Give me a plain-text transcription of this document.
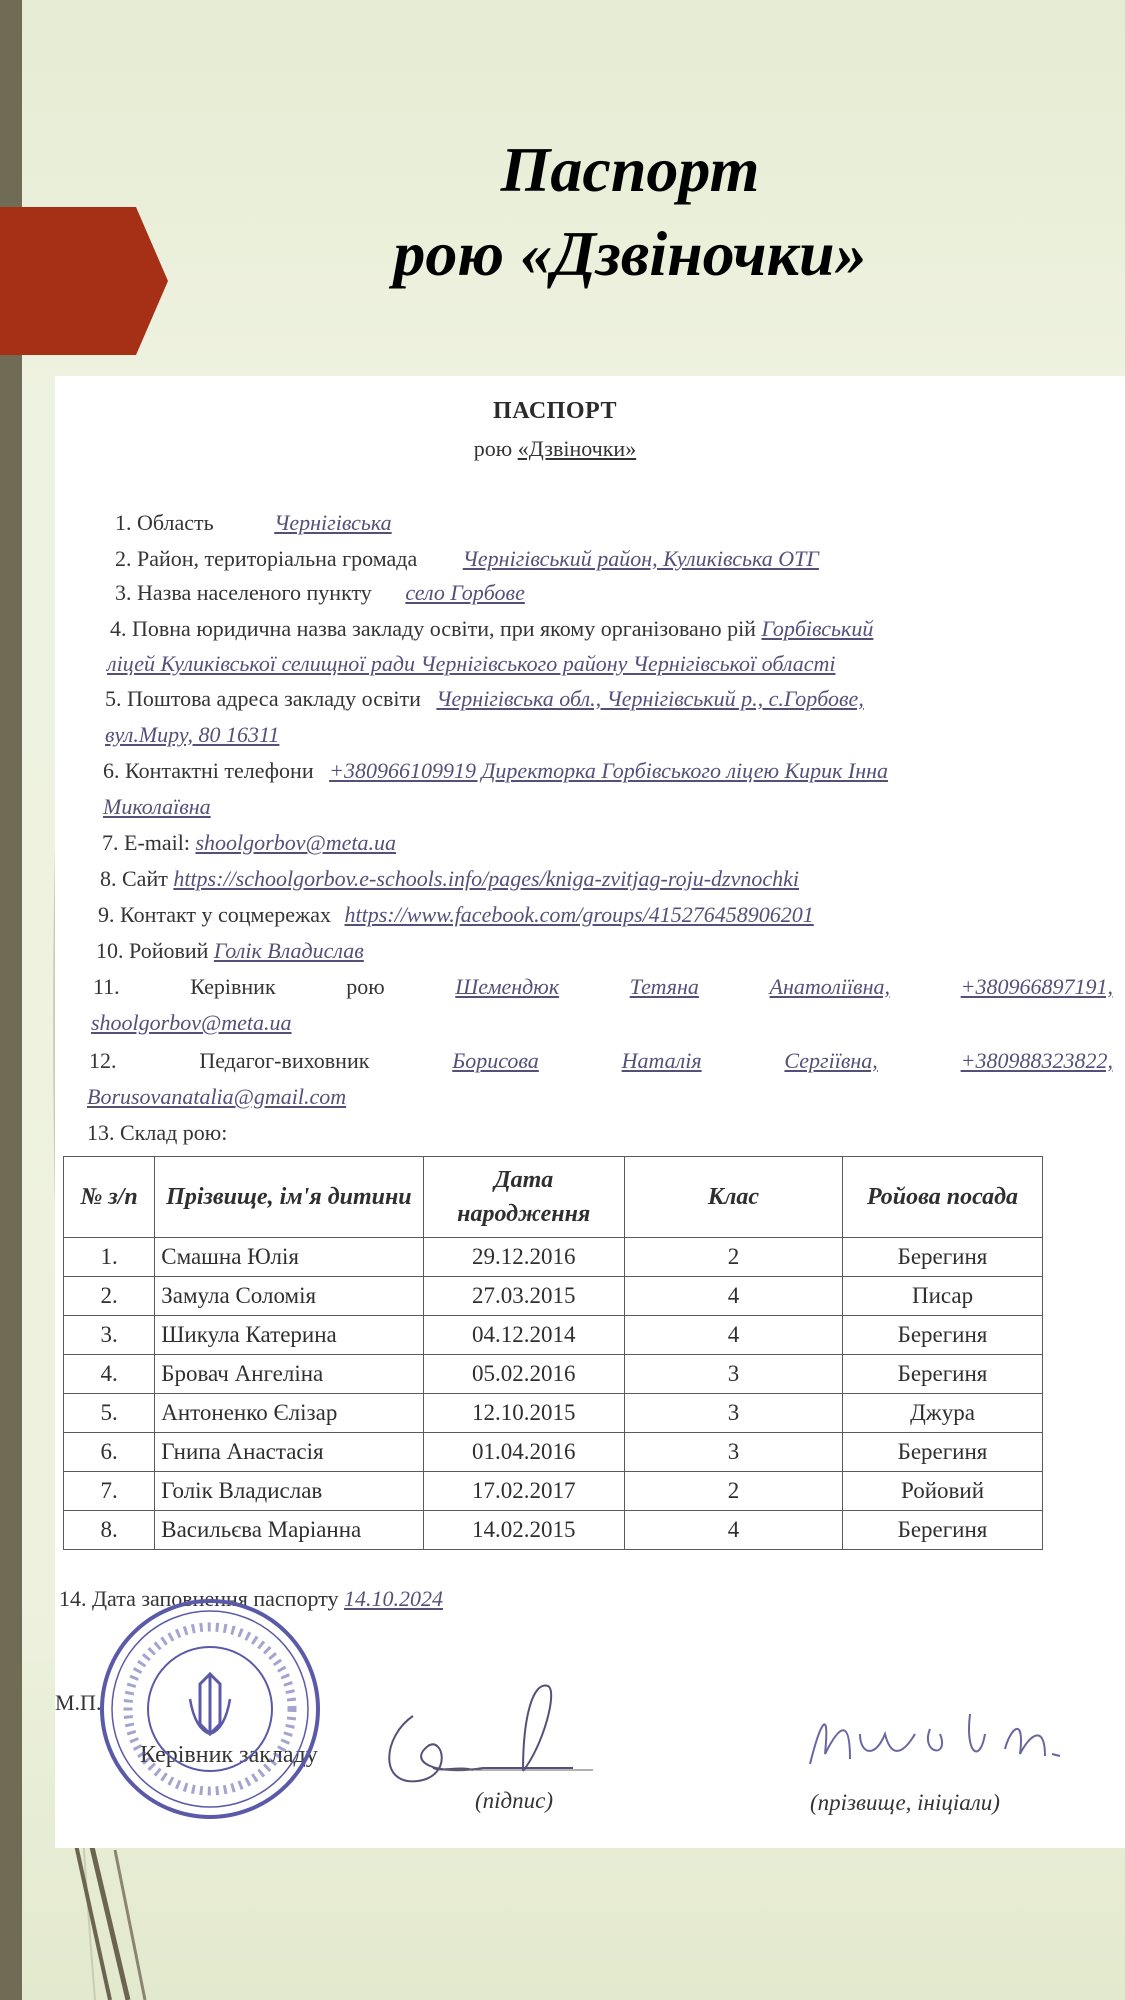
Паспорт
рою «Дзвіночки»
ПАСПОРТ
рою «Дзвіночки»
1. Область	Чернігівська
2. Район, територіальна громада Чернігівський район, Куликівська ОТГ
3. Назва населеного пункту село Горбове
4. Повна юридична назва закладу освіти, при якому організовано рій Горбівський
ліцей Куликівської селищної ради Чернігівського району Чернігівської області
5. Поштова адреса закладу освіти Чернігівська обл., Чернігівський р., с.Горбове,
вул.Миру, 80 16311
6. Контактні телефони +380966109919 Директорка Горбівського ліцею Кирик Інна
Миколаївна
7. E-mail: shoolgorbov@meta.ua
8. Сайт https://schoolgorbov.e-schools.info/pages/kniga-zvitjag-roju-dzvnochki
9. Контакт у соцмережах https://www.facebook.com/groups/415276458906201
10. Ройовий Голік Владислав
11.	Керівник	рою	Шемендюк	Тетяна	Анатоліївна,	+380966897191,
shoolgorbov@meta.ua
12.	Педагог-виховник	Борисова	Наталія	Сергіївна,	+380988323822,
Borusovanatalia@gmail.com
13. Склад рою:
№ з/п	Прізвище, ім'я дитини	Дата народження	Клас	Ройова посада
1.	Смашна Юлія	29.12.2016	2	Берегиня
2.	Замула Соломія	27.03.2015	4	Писар
3.	Шикула Катерина	04.12.2014	4	Берегиня
4.	Бровач Ангеліна	05.02.2016	3	Берегиня
5.	Антоненко Єлізар	12.10.2015	3	Джура
6.	Гнипа Анастасія	01.04.2016	3	Берегиня
7.	Голік Владислав	17.02.2017	2	Ройовий
8.	Васильєва Маріанна	14.02.2015	4	Берегиня
14. Дата заповнення паспорту 14.10.2024
М.П.
Керівник закладу
(підпис)	(прізвище, ініціали)
